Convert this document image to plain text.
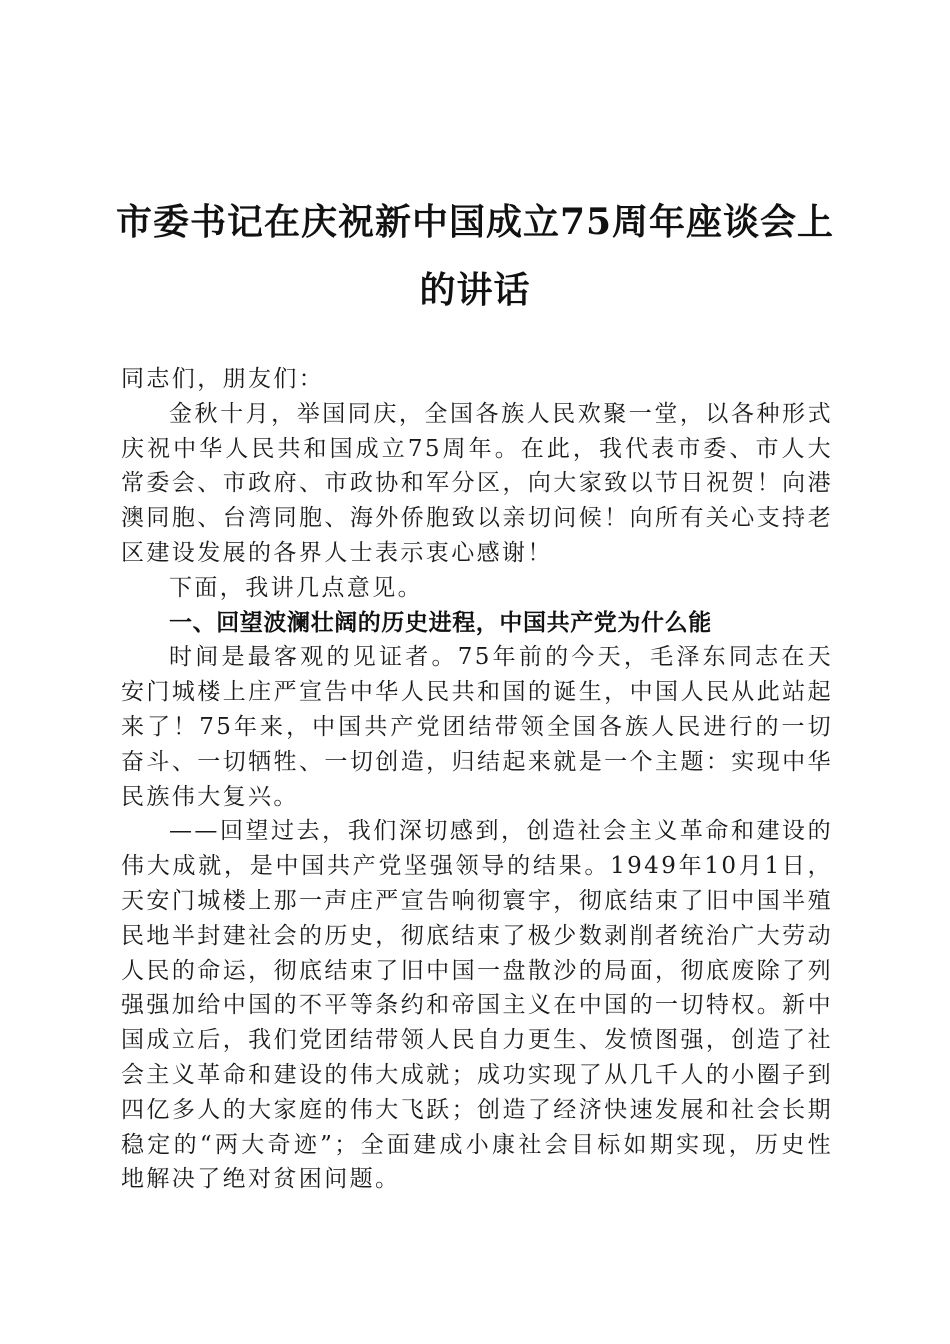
市委书记在庆祝新中国成立75周年座谈会上
的讲话

同志们，朋友们：

金秋十月，举国同庆，全国各族人民欢聚一堂，以各种形式庆祝中华人民共和国成立75周年。在此，我代表市委、市人大常委会、市政府、市政协和军分区，向大家致以节日祝贺！向港澳同胞、台湾同胞、海外侨胞致以亲切问候！向所有关心支持老区建设发展的各界人士表示衷心感谢！

下面，我讲几点意见。

一、回望波澜壮阔的历史进程，中国共产党为什么能

时间是最客观的见证者。75年前的今天，毛泽东同志在天安门城楼上庄严宣告中华人民共和国的诞生，中国人民从此站起来了！75年来，中国共产党团结带领全国各族人民进行的一切奋斗、一切牺牲、一切创造，归结起来就是一个主题：实现中华民族伟大复兴。

——回望过去，我们深切感到，创造社会主义革命和建设的伟大成就，是中国共产党坚强领导的结果。1949年10月1日，天安门城楼上那一声庄严宣告响彻寰宇，彻底结束了旧中国半殖民地半封建社会的历史，彻底结束了极少数剥削者统治广大劳动人民的命运，彻底结束了旧中国一盘散沙的局面，彻底废除了列强强加给中国的不平等条约和帝国主义在中国的一切特权。新中国成立后，我们党团结带领人民自力更生、发愤图强，创造了社会主义革命和建设的伟大成就；成功实现了从几千人的小圈子到四亿多人的大家庭的伟大飞跃；创造了经济快速发展和社会长期稳定的“两大奇迹”；全面建成小康社会目标如期实现，历史性地解决了绝对贫困问题。
